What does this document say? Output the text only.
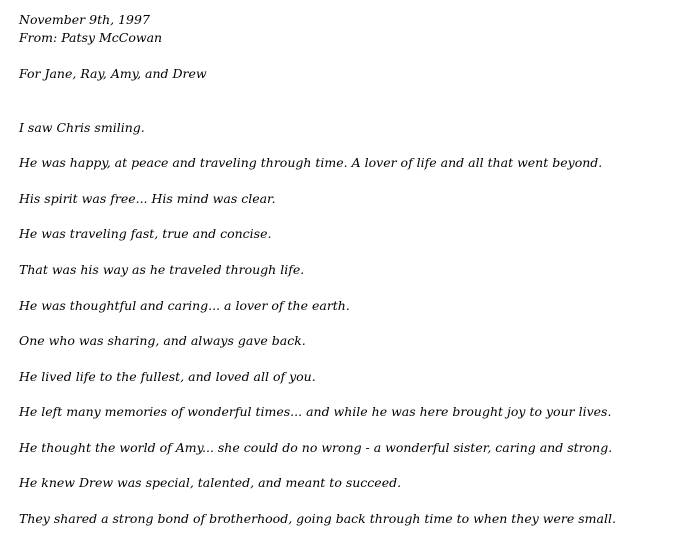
November 9th, 1997
From: Patsy McCowan
For Jane, Ray, Amy, and Drew
I saw Chris smiling.
He was happy, at peace and traveling through time. A lover of life and all that went beyond.
His spirit was free... His mind was clear.
He was traveling fast, true and concise.
That was his way as he traveled through life.
He was thoughtful and caring... a lover of the earth.
One who was sharing, and always gave back.
He lived life to the fullest, and loved all of you.
He left many memories of wonderful times... and while he was here brought joy to your lives.
He thought the world of Amy... she could do no wrong - a wonderful sister, caring and strong.
He knew Drew was special, talented, and meant to succeed.
They shared a strong bond of brotherhood, going back through time to when they were small.
